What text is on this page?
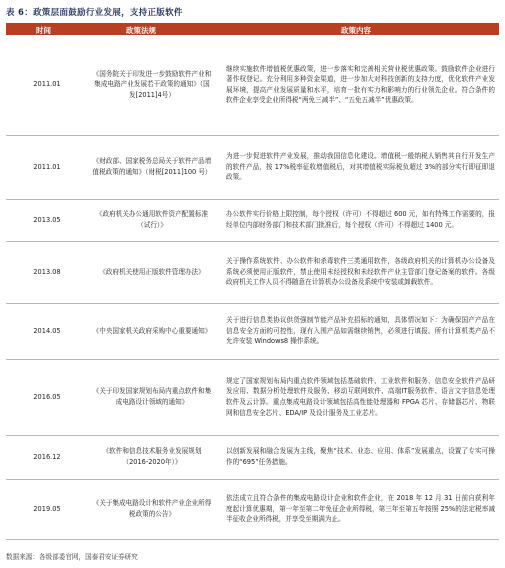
表 6：政策层面鼓励行业发展，支持正版软件
时间	政策法规	政策内容
2011.01	《国务院关于印发进一步鼓励软件产业和集成电路产业发展若干政策的通知》（国发[2011]4号）	继续实施软件增值税优惠政策，进一步落实和完善相关营业税优惠政策。鼓励软件企业进行著作权登记。充分利用多种资金渠道，进一步加大对科技创新的支持力度，优化软件产业发展环境，提高产业发展质量和水平，培育一批有实力和影响力的行业领先企业。符合条件的软件企业享受企业所得税“两免三减半”、“五免五减半”优惠政策。
2011.01	《财政部、国家税务总局关于软件产品增值税政策的通知》（财税[2011]100 号）	为进一步促进软件产业发展，推动我国信息化建设。增值税一般纳税人销售其自行开发生产的软件产品，按 17%税率征收增值税后，对其增值税实际税负超过 3%的部分实行即征即退政策。
2013.05	《政府机关办公通用软件资产配置标准（试行）》	办公软件实行价格上限控制，每个授权（许可）不得超过 600 元，如有特殊工作需要的，报经单位内部财务部门和技术部门批准后，每个授权（许可）不得超过 1400 元。
2013.08	《政府机关使用正版软件管理办法》	关于操作系统软件、办公软件和杀毒软件三类通用软件，各级政府机关的计算机办公设备及系统必须使用正版软件，禁止使用未经授权和未经软件产业主管部门登记备案的软件。各级政府机关工作人员不得随意在计算机办公设备及系统中安装或卸载软件。
2014.05	《中央国家机关政府采购中心重要通知》	关于进行信息类协议供货强制节能产品补充招标的通知，具体情况如下：为确保国产产品在信息安全方面的可控性，现有入围产品如需继续销售，必须进行填报。所有计算机类产品不允许安装 Windows8 操作系统。
2016.05	《关于印发国家规划布局内重点软件和集成电路设计领域的通知》	规定了国家规划布局内重点软件领域包括基础软件、工业软件和服务、信息安全软件产品研发应用、数据分析处理软件及服务、移动互联网软件、高端IT服务软件、语言文字信息处理软件及云计算。重点集成电路设计领域包括高性能处理器和 FPGA 芯片、存储器芯片、物联网和信息安全芯片、EDA/IP 及设计服务及工业芯片。
2016.12	《软件和信息技术服务业发展规划（2016-2020年）》	以创新发展和融合发展为主线，聚焦“技术、业态、应用、体系”发展重点，设置了专实可操作的“695”任务措施。
2019.05	《关于集成电路设计和软件产业企业所得税政策的公告》	依法成立且符合条件的集成电路设计企业和软件企业，在 2018 年 12 月 31 日前自获利年度起计算优惠期，第一年至第二年免征企业所得税，第三年至第五年按照 25%的法定税率减半征收企业所得税，并享受至期满为止。
数据来源：各级部委官网，国泰君安证券研究
